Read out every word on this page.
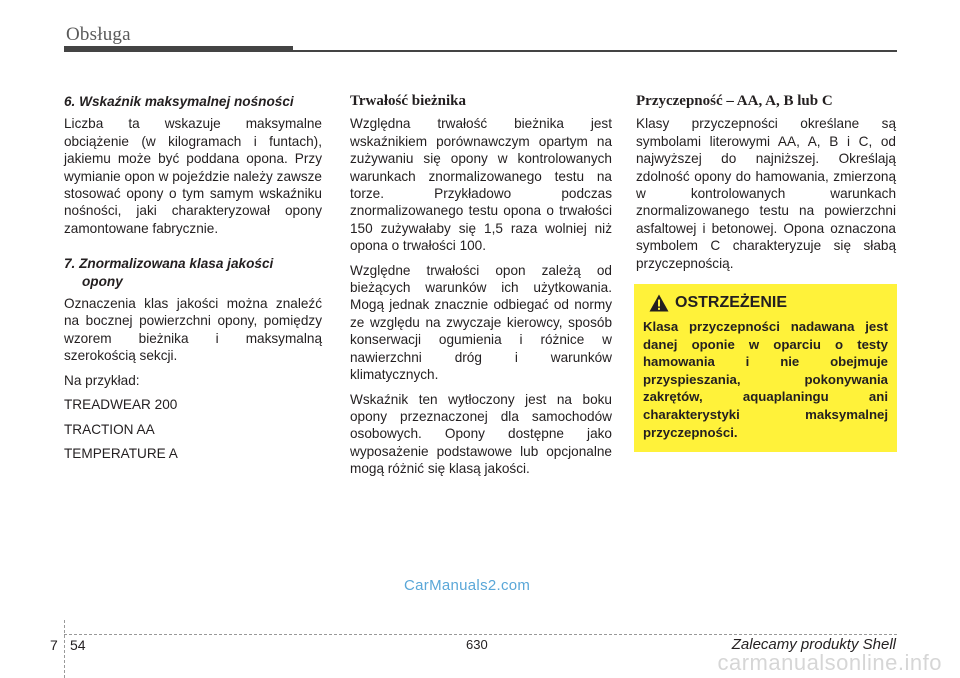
Obsługa
6. Wskaźnik maksymalnej nośności

Liczba ta wskazuje maksymalne obciążenie (w kilogramach i funtach), jakiemu może być poddana opona. Przy wymianie opon w pojeździe należy zawsze stosować opony o tym samym wskaźniku nośności, jaki charakteryzował opony zamontowane fabrycznie.

7. Znormalizowana klasa jakości
opony

Oznaczenia klas jakości można znaleźć na bocznej powierzchni opony, pomiędzy wzorem bieżnika i maksymalną szerokością sekcji.

Na przykład:

TREADWEAR 200

TRACTION AA

TEMPERATURE A

Trwałość bieżnika

Względna trwałość bieżnika jest wskaźnikiem porównawczym opartym na zużywaniu się opony w kontrolowanych warunkach znormalizowanego testu na torze. Przykładowo podczas znormalizowanego testu opona o trwałości 150 zużywałaby się 1,5 raza wolniej niż opona o trwałości 100.

Względne trwałości opon zależą od bieżących warunków ich użytkowania. Mogą jednak znacznie odbiegać od normy ze względu na zwyczaje kierowcy, sposób konserwacji ogumienia i różnice w nawierzchni dróg i warunków klimatycznych.

Wskaźnik ten wytłoczony jest na boku opony przeznaczonej dla samochodów osobowych. Opony dostępne jako wyposażenie podstawowe lub opcjonalne mogą różnić się klasą jakości.

Przyczepność – AA, A, B lub C

Klasy przyczepności określane są symbolami literowymi AA, A, B i C, od najwyższej do najniższej. Określają zdolność opony do hamowania, zmierzoną w kontrolowanych warunkach znormalizowanego testu na powierzchni asfaltowej i betonowej. Opona oznaczona symbolem C charakteryzuje się słabą przyczepnością.

OSTRZEŻENIE

Klasa przyczepności nadawana jest danej oponie w oparciu o testy hamowania i nie obejmuje przyspieszania, pokonywania zakrętów, aquaplaningu ani charakterystyki maksymalnej przyczepności.

CarManuals2.com
7 54	630	Zalecamy produkty Shell
carmanualsonline.info
